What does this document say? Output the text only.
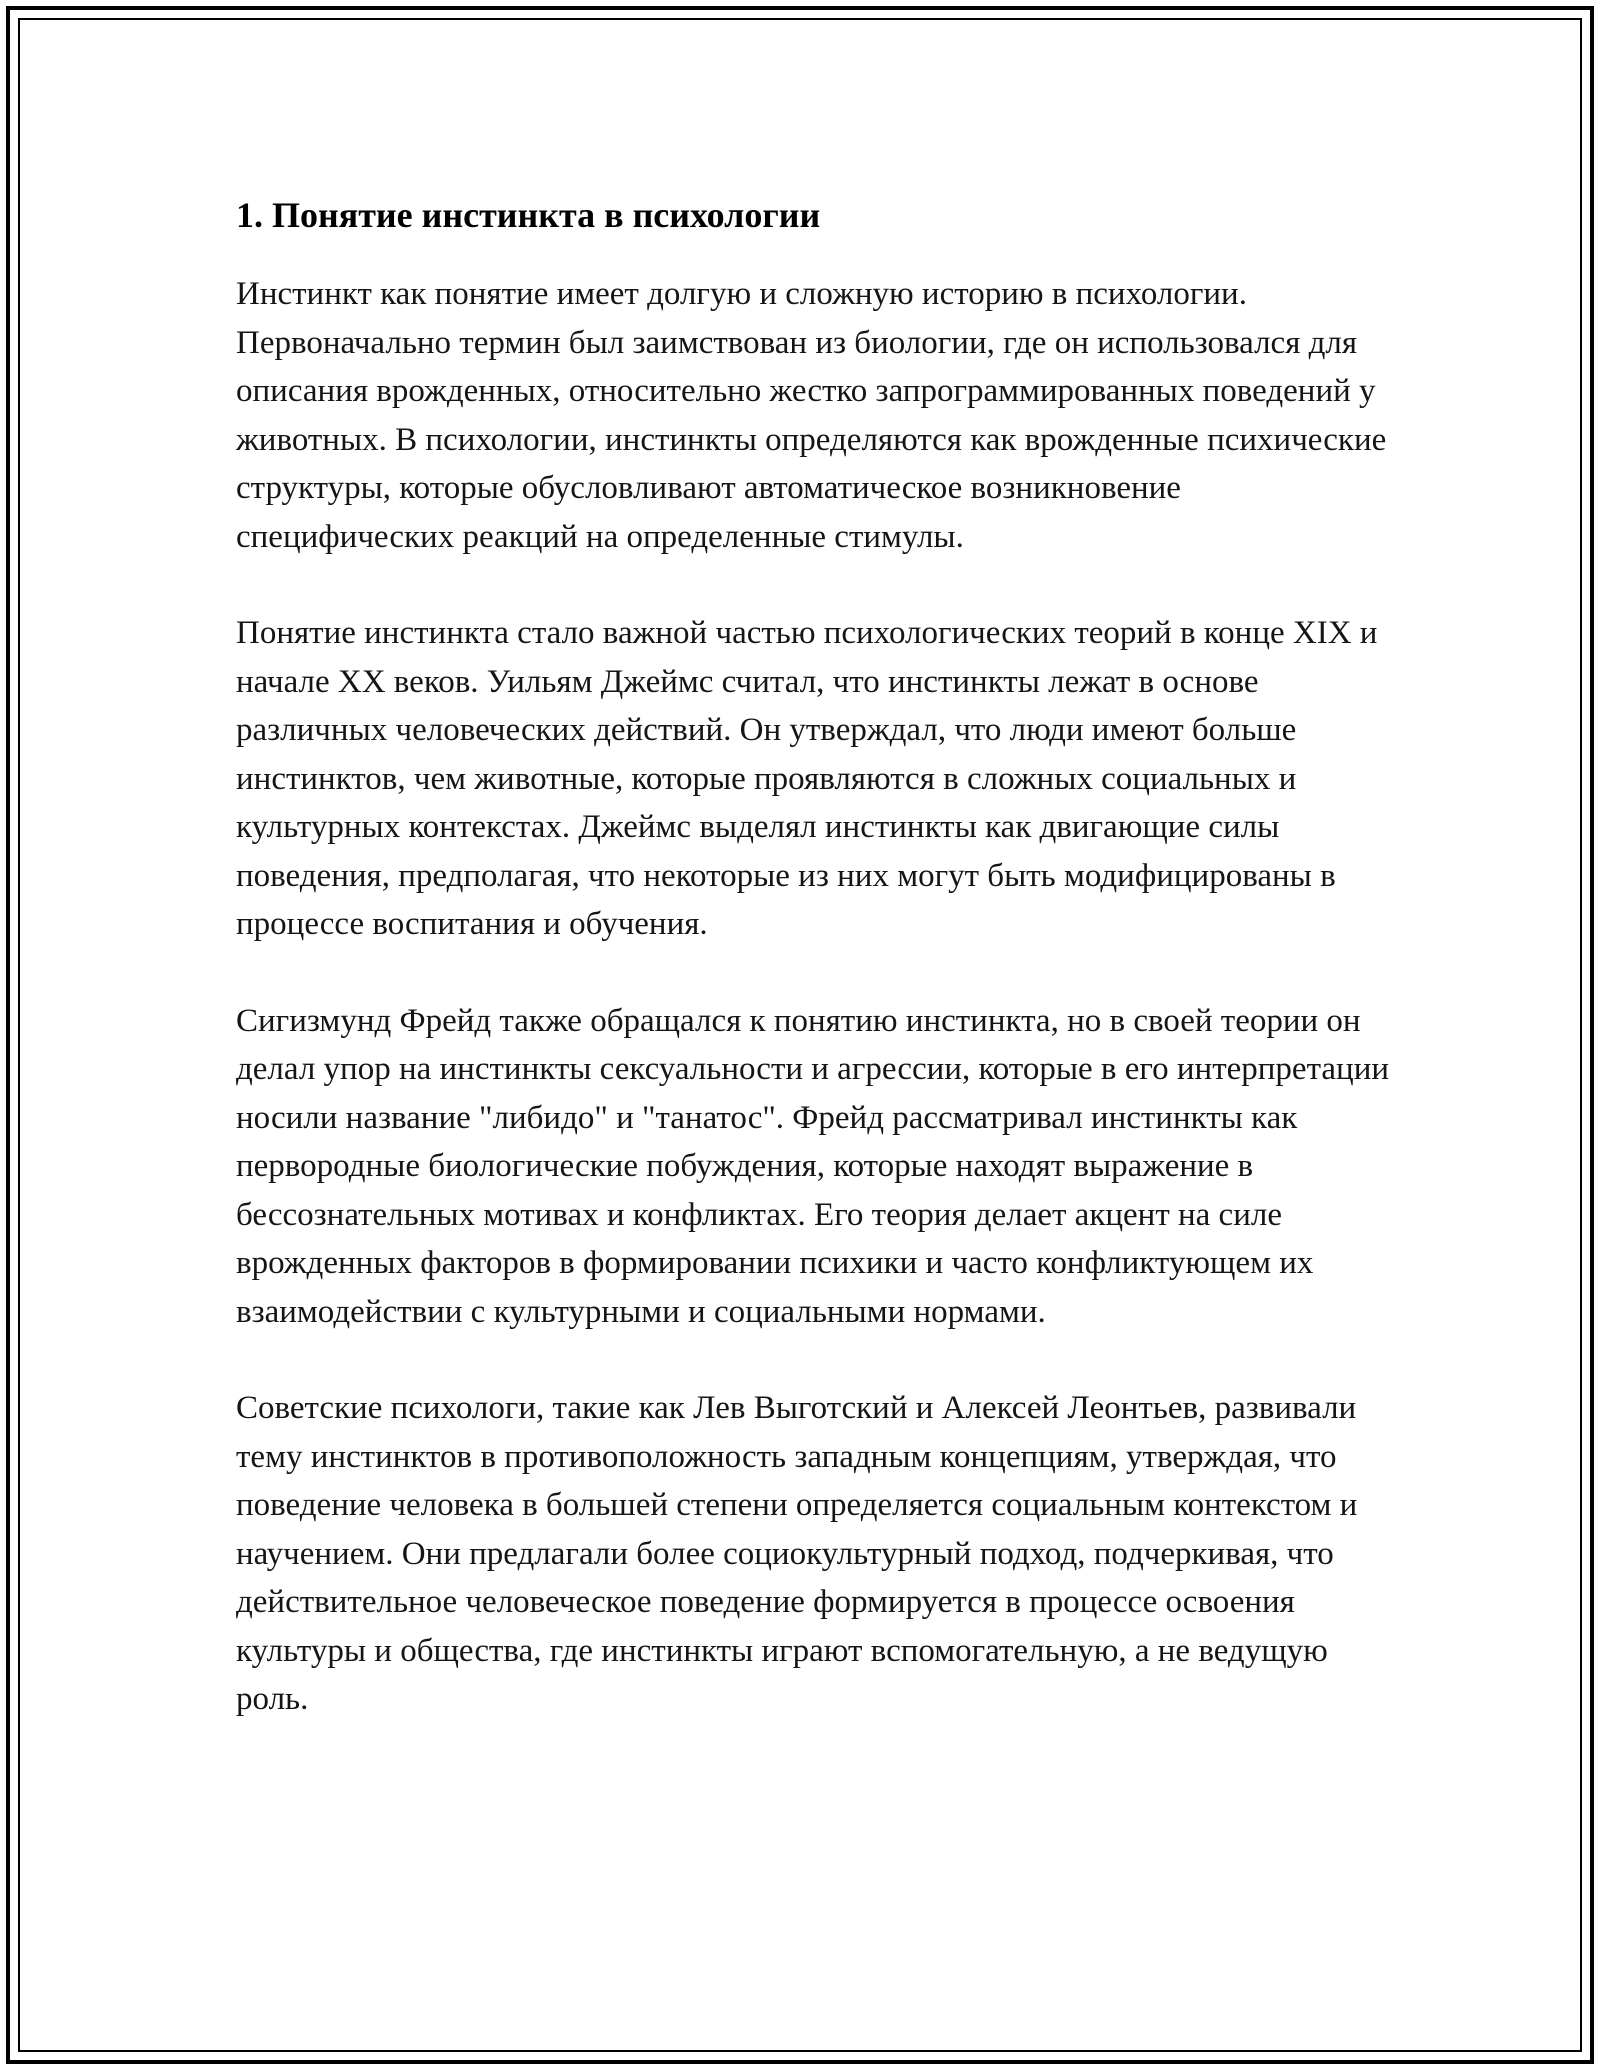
1. Понятие инстинкта в психологии

Инстинкт как понятие имеет долгую и сложную историю в психологии. Первоначально термин был заимствован из биологии, где он использовался для описания врожденных, относительно жестко запрограммированных поведений у животных. В психологии, инстинкты определяются как врожденные психические структуры, которые обусловливают автоматическое возникновение специфических реакций на определенные стимулы.

Понятие инстинкта стало важной частью психологических теорий в конце XIX и начале XX веков. Уильям Джеймс считал, что инстинкты лежат в основе различных человеческих действий. Он утверждал, что люди имеют больше инстинктов, чем животные, которые проявляются в сложных социальных и культурных контекстах. Джеймс выделял инстинкты как двигающие силы поведения, предполагая, что некоторые из них могут быть модифицированы в процессе воспитания и обучения.

Сигизмунд Фрейд также обращался к понятию инстинкта, но в своей теории он делал упор на инстинкты сексуальности и агрессии, которые в его интерпретации носили название "либидо" и "танатос". Фрейд рассматривал инстинкты как первородные биологические побуждения, которые находят выражение в бессознательных мотивах и конфликтах. Его теория делает акцент на силе врожденных факторов в формировании психики и часто конфликтующем их взаимодействии с культурными и социальными нормами.

Советские психологи, такие как Лев Выготский и Алексей Леонтьев, развивали тему инстинктов в противоположность западным концепциям, утверждая, что поведение человека в большей степени определяется социальным контекстом и научением. Они предлагали более социокультурный подход, подчеркивая, что действительное человеческое поведение формируется в процессе освоения культуры и общества, где инстинкты играют вспомогательную, а не ведущую роль.
